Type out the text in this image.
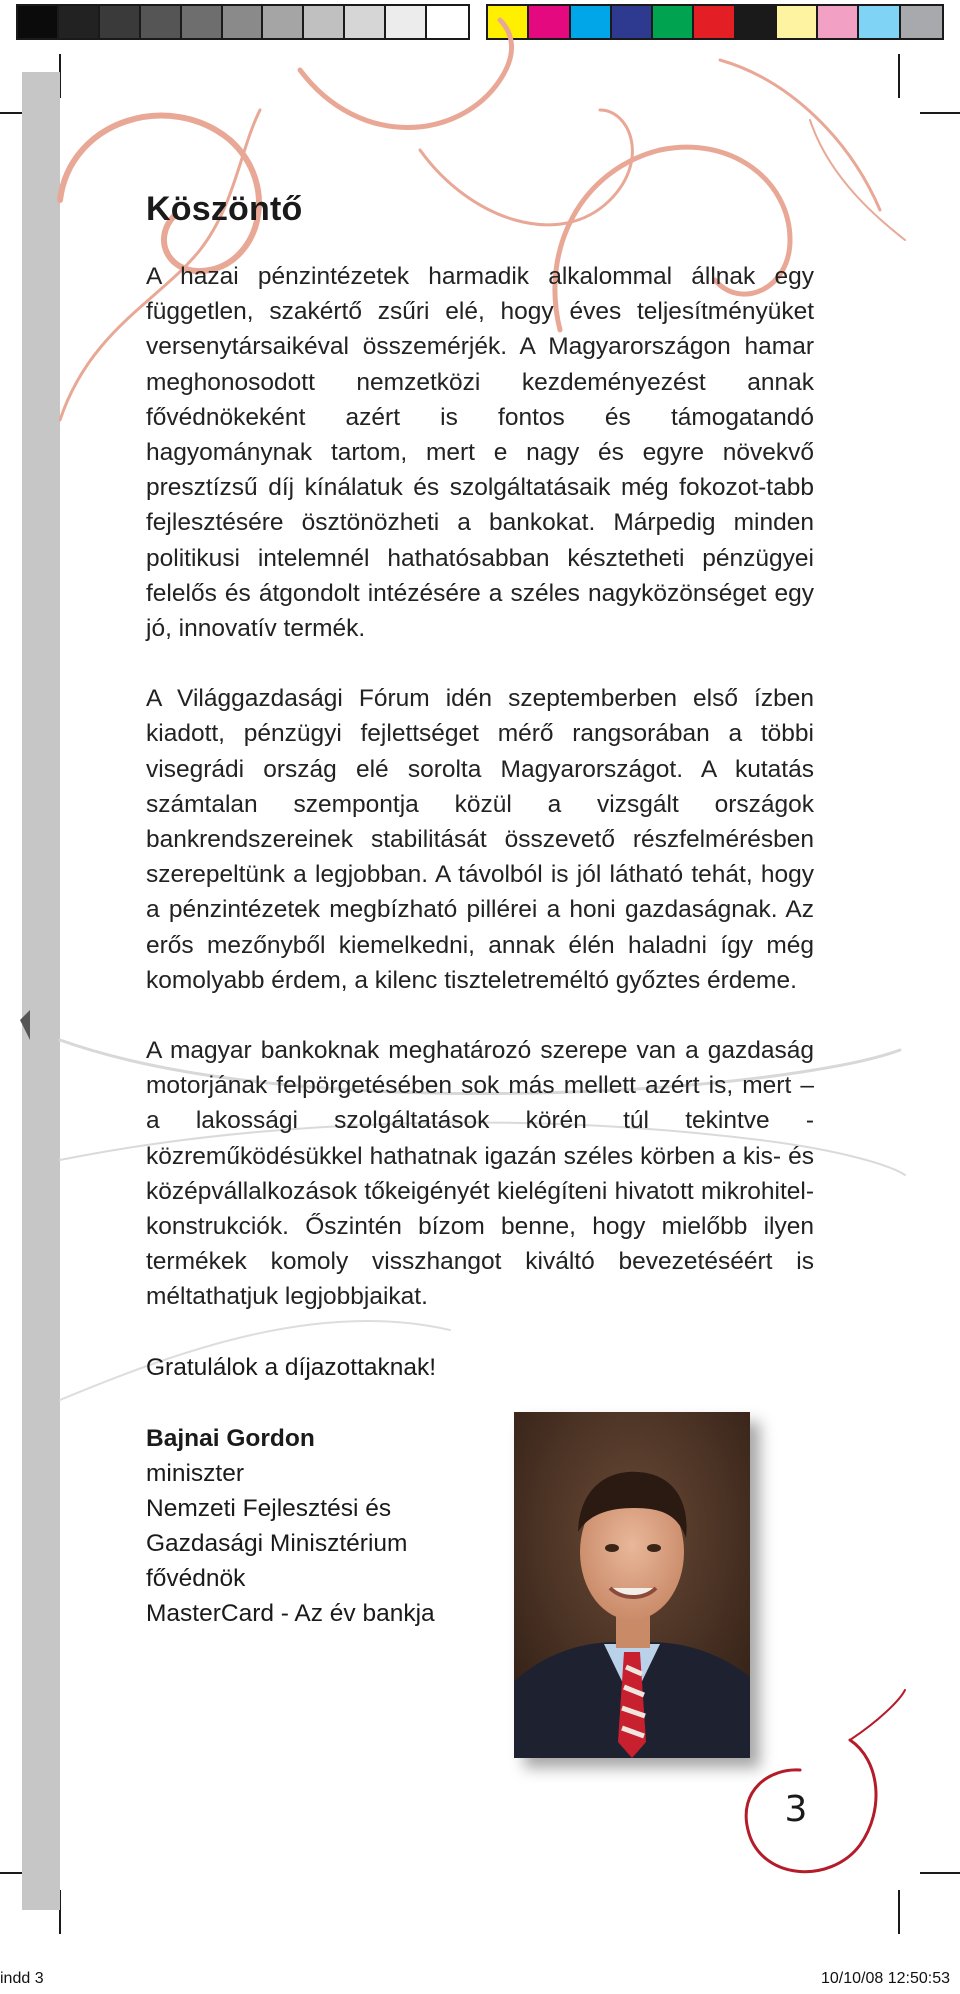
Köszöntő

A hazai pénzintézetek harmadik alkalommal állnak egy független, szakértő zsűri elé, hogy éves teljesítményüket versenytársaikéval összemérjék. A Magyarországon hamar meghonosodott nemzetközi kezdeményezést annak fővédnökeként azért is fontos és támogatandó hagyománynak tartom, mert e nagy és egyre növekvő presztízsű díj kínálatuk és szolgáltatásaik még fokozot-tabb fejlesztésére ösztönözheti a bankokat. Márpedig minden politikusi intelemnél hathatósabban késztetheti pénzügyei felelős és átgondolt intézésére a széles nagyközönséget egy jó, innovatív termék.

A Világgazdasági Fórum idén szeptemberben első ízben kiadott, pénzügyi fejlettséget mérő rangsorában a többi visegrádi ország elé sorolta Magyarországot. A kutatás számtalan szempontja közül a vizsgált országok bankrendszereinek stabilitását összevető részfelmérésben szerepeltünk a legjobban. A távolból is jól látható tehát, hogy a pénzintézetek megbízható pillérei a honi gazdaságnak. Az erős mezőnyből kiemelkedni, annak élén haladni így még komolyabb érdem, a kilenc tiszteletreméltó győztes érdeme.

A magyar bankoknak meghatározó szerepe van a gazdaság motorjának felpörgetésében sok más mellett azért is, mert – a lakossági szolgáltatások körén túl tekintve - közreműködésükkel hathatnak igazán széles körben a kis- és középvállalkozások tőkeigényét kielégíteni hivatott mikrohitel-konstrukciók. Őszintén bízom benne, hogy mielőbb ilyen termékek komoly visszhangot kiváltó bevezetéséért is méltathatjuk legjobbjaikat.

Gratulálok a díjazottaknak!
Bajnai Gordon
miniszter
Nemzeti Fejlesztési és
Gazdasági Minisztérium
fővédnök
MasterCard - Az év bankja
3
indd 3	10/10/08 12:50:53
